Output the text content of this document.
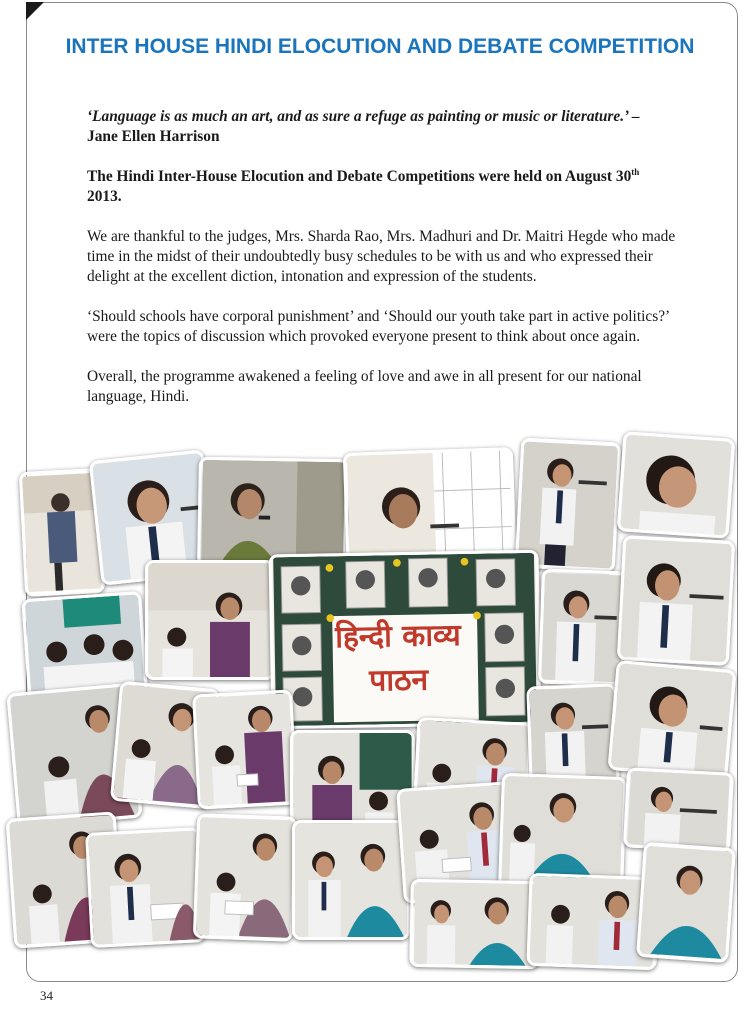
INTER HOUSE HINDI ELOCUTION AND DEBATE COMPETITION

‘Language is as much an art, and as sure a refuge as painting or music or literature.’ –
Jane Ellen Harrison

The Hindi Inter-House Elocution and Debate Competitions were held on August 30th
2013.

We are thankful to the judges, Mrs. Sharda Rao, Mrs. Madhuri and Dr. Maitri Hegde who made time in the midst of their undoubtedly busy schedules to be with us and who expressed their delight at the excellent diction, intonation and expression of the students.

‘Should schools have corporal punishment’ and ‘Should our youth take part in active politics?’ were the topics of discussion which provoked everyone present to think about once again.

Overall, the programme awakened a feeling of love and awe in all present for our national language, Hindi.

हिन्दी काव्य पाठन
34
